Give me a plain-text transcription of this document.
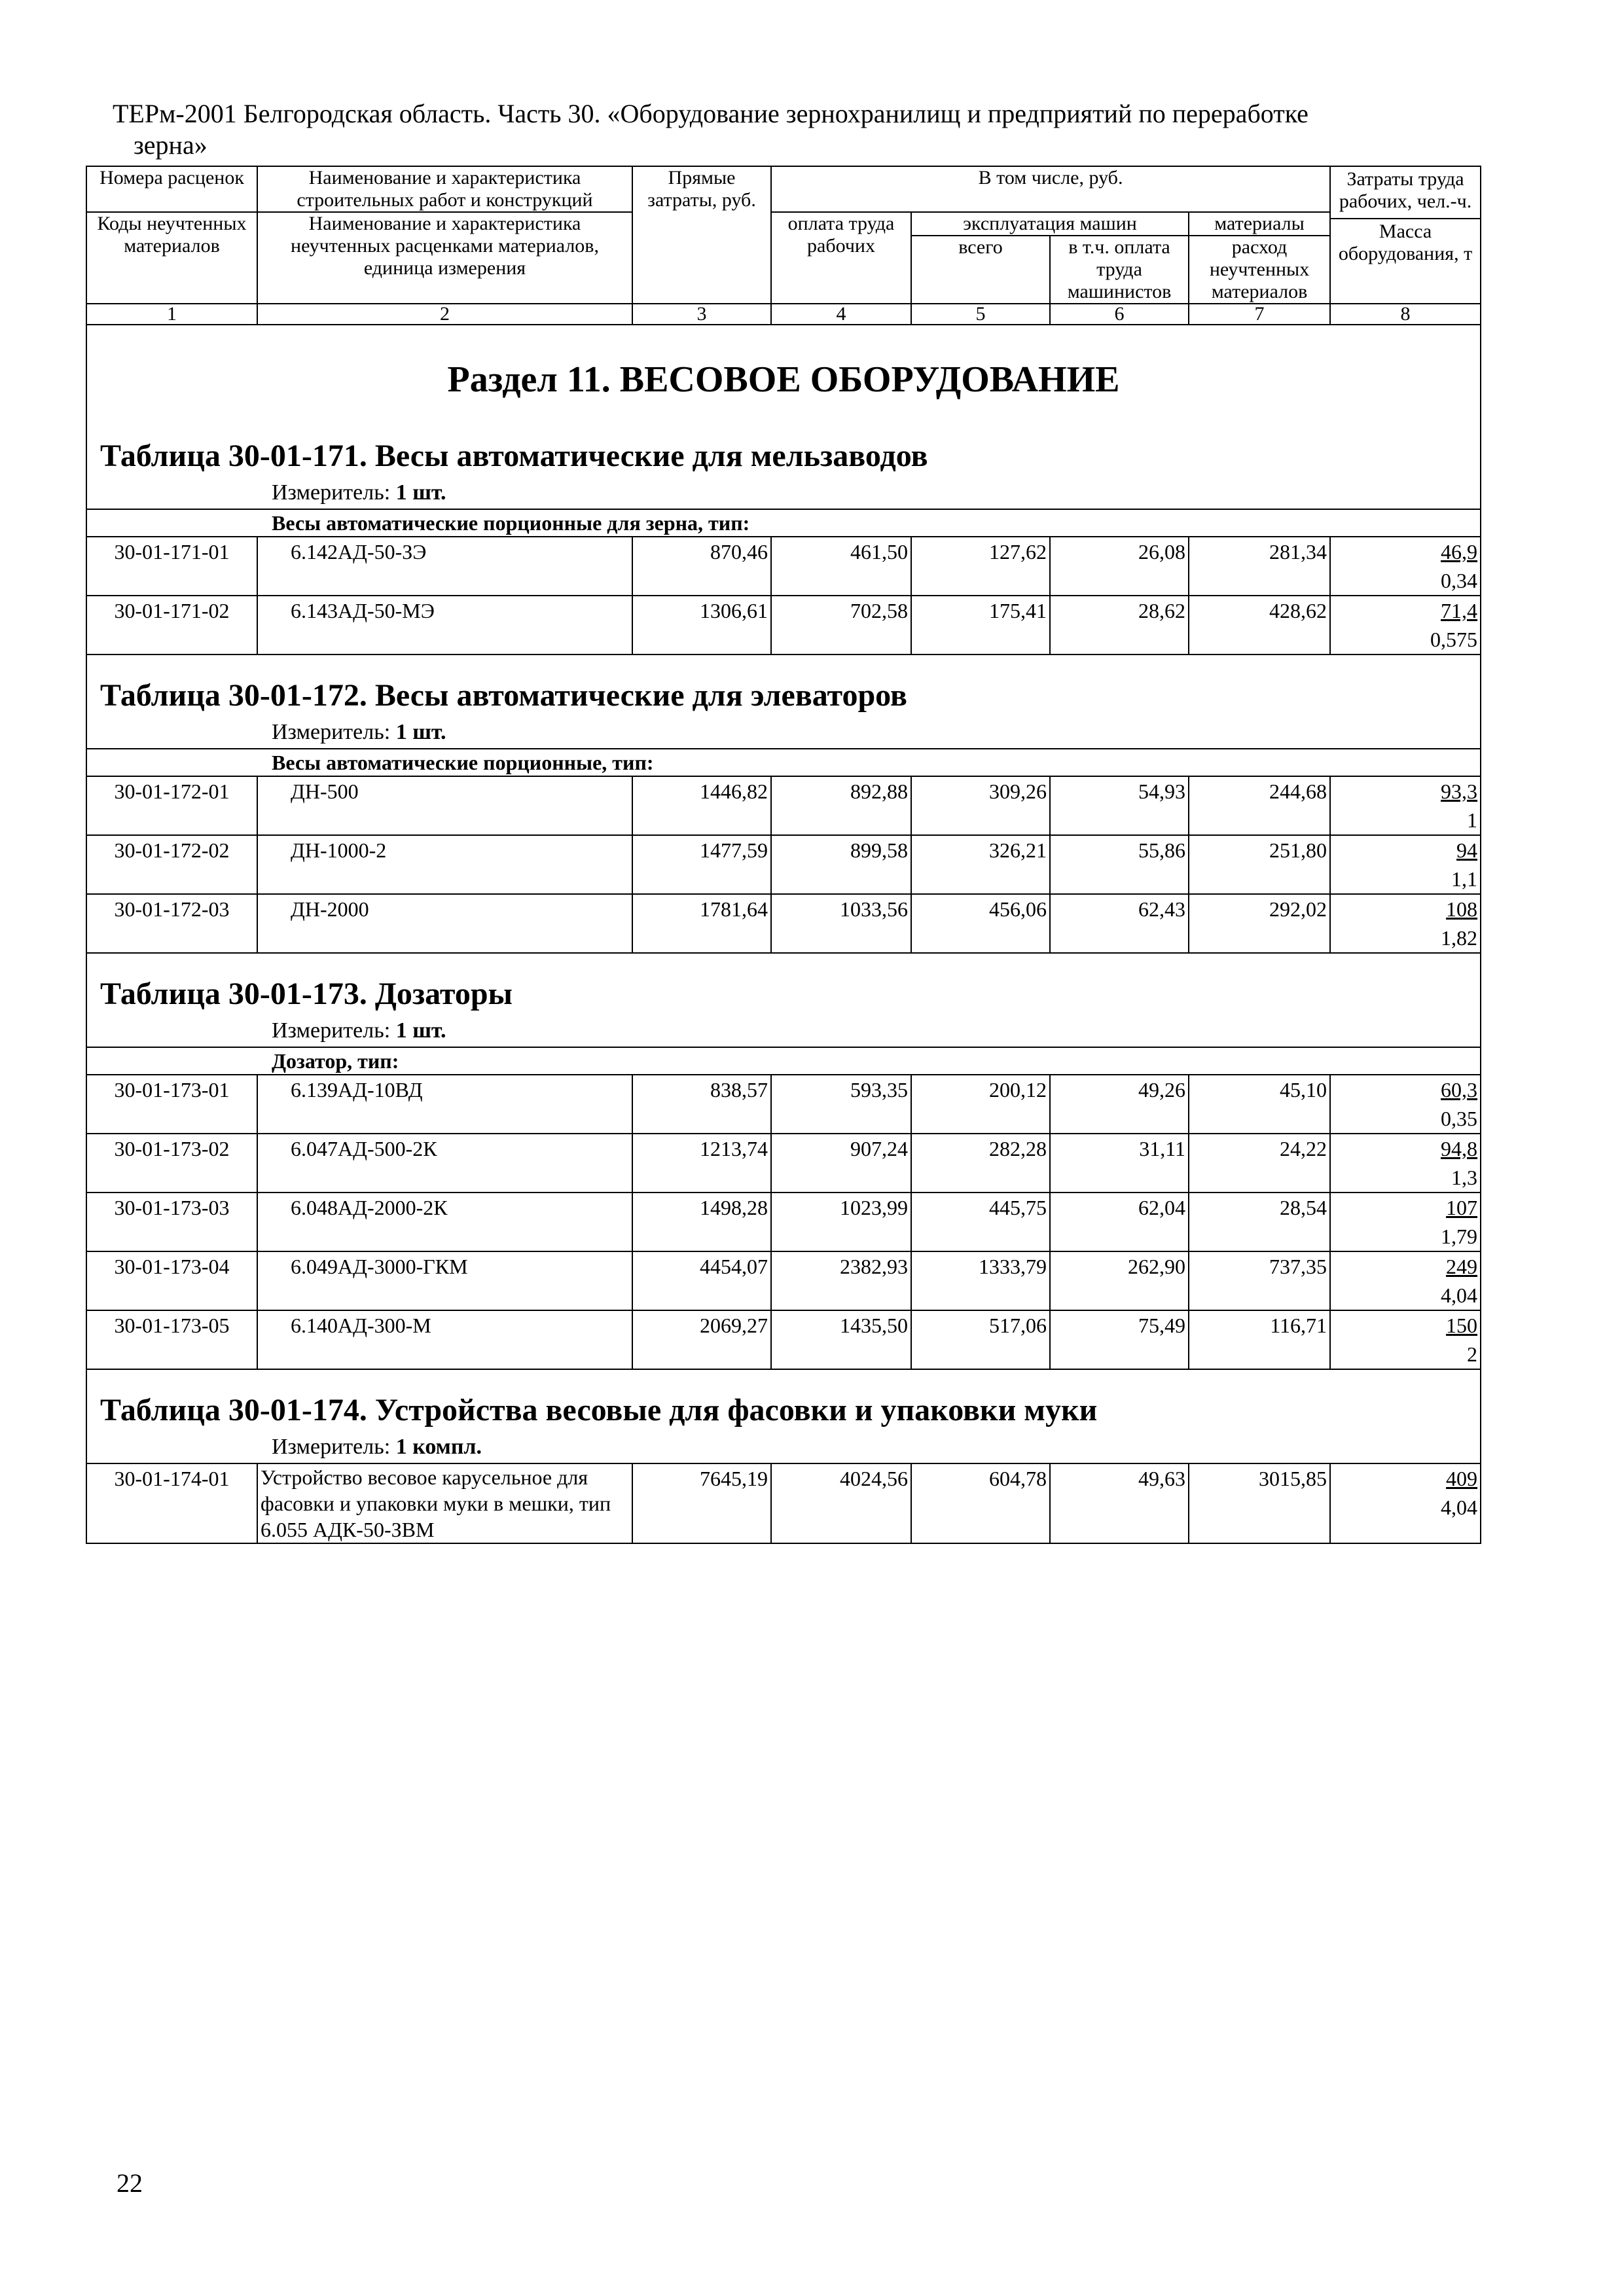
ТЕРм-2001 Белгородская область. Часть 30. «Оборудование зернохранилищ и предприятий по переработке
зерна»
Номера расценок	Наименование и характеристика строительных работ и конструкций	Прямые затраты, руб.	В том числе, руб.				Затраты труда рабочих, чел.-ч.
Масса оборудования, т

Коды неучтенных материалов	Наименование и характеристика неучтенных расценками материалов, единица измерения		оплата труда рабочих	эксплуатация машин		материалы	
				всего	в т.ч. оплата труда машинистов	расход неучтенных материалов	
1	2	3	4	5	6	7	8

Раздел 11. ВЕСОВОЕ ОБОРУДОВАНИЕ							

Таблица 30-01-171. Весы автоматические для мельзаводов
Измеритель: 1 шт.							

Весы автоматические порционные для зерна, тип:							
30-01-171-01	6.142АД-50-ЗЭ	870,46	461,50	127,62	26,08	281,34	46,9
0,34

30-01-171-02	6.143АД-50-МЭ	1306,61	702,58	175,41	28,62	428,62	71,4
0,575

Таблица 30-01-172. Весы автоматические для элеваторов
Измеритель: 1 шт.							

Весы автоматические порционные, тип:							
30-01-172-01	ДН-500	1446,82	892,88	309,26	54,93	244,68	93,3
1

30-01-172-02	ДН-1000-2	1477,59	899,58	326,21	55,86	251,80	94
1,1

30-01-172-03	ДН-2000	1781,64	1033,56	456,06	62,43	292,02	108
1,82

Таблица 30-01-173. Дозаторы
Измеритель: 1 шт.							

Дозатор, тип:							
30-01-173-01	6.139АД-10ВД	838,57	593,35	200,12	49,26	45,10	60,3
0,35

30-01-173-02	6.047АД-500-2К	1213,74	907,24	282,28	31,11	24,22	94,8
1,3

30-01-173-03	6.048АД-2000-2К	1498,28	1023,99	445,75	62,04	28,54	107
1,79

30-01-173-04	6.049АД-3000-ГКМ	4454,07	2382,93	1333,79	262,90	737,35	249
4,04

30-01-173-05	6.140АД-300-М	2069,27	1435,50	517,06	75,49	116,71	150
2

Таблица 30-01-174. Устройства весовые для фасовки и упаковки муки
Измеритель: 1 компл.							

30-01-174-01	Устройство весовое карусельное для фасовки и упаковки муки в мешки, тип 6.055 АДК-50-ЗВМ	7645,19	4024,56	604,78	49,63	3015,85	409
4,04
22
